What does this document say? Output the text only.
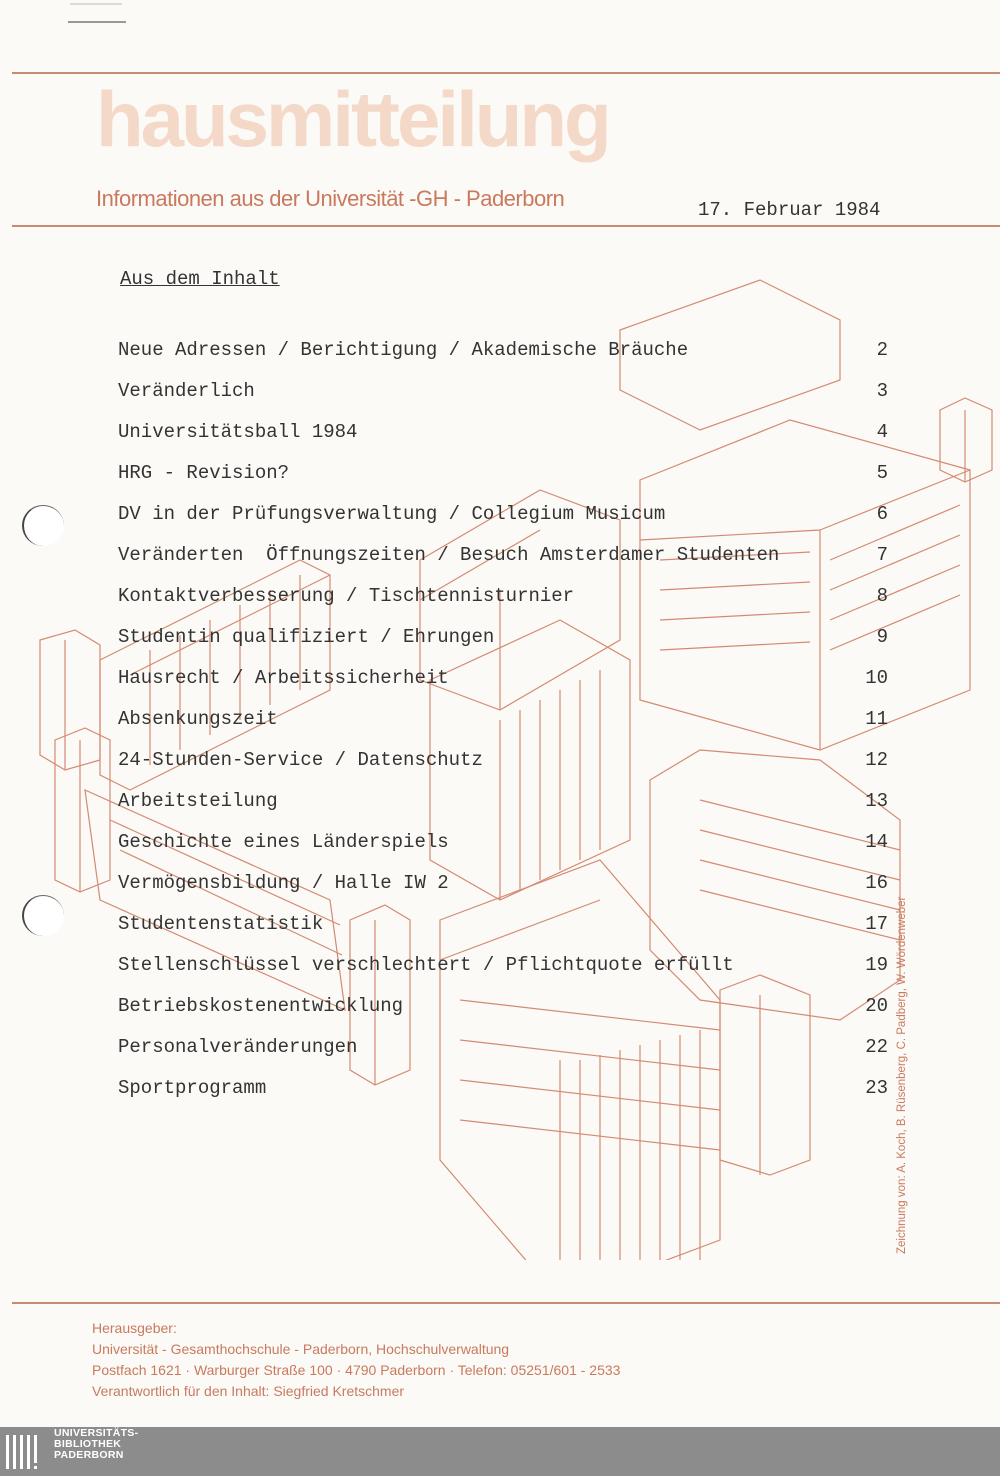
hausmitteilung
Informationen aus der Universität -GH - Paderborn	17. Februar 1984
Aus dem Inhalt
Neue Adressen / Berichtigung / Akademische Bräuche	2
Veränderlich	3
Universitätsball 1984	4
HRG - Revision?	5
DV in der Prüfungsverwaltung / Collegium Musicum	6
Veränderten  Öffnungszeiten / Besuch Amsterdamer Studenten	7
Kontaktverbesserung / Tischtennisturnier	8
Studentin qualifiziert / Ehrungen	9
Hausrecht / Arbeitssicherheit	10
Absenkungszeit	11
24-Stunden-Service / Datenschutz	12
Arbeitsteilung	13
Geschichte eines Länderspiels	14
Vermögensbildung / Halle IW 2	16
Studentenstatistik	17
Stellenschlüssel verschlechtert / Pflichtquote erfüllt	19
Betriebskostenentwicklung	20
Personalveränderungen	22
Sportprogramm	23 Zeichnung von: A. Koch, B. Rüsenberg, C. Padberg, W. Wördenweber
Herausgeber:
Universität - Gesamthochschule - Paderborn, Hochschulverwaltung
Postfach 1621 · Warburger Straße 100 · 4790 Paderborn · Telefon: 05251/601 - 2533
Verantwortlich für den Inhalt: Siegfried Kretschmer
UNIVERSITÄTS-
BIBLIOTHEK
PADERBORN
